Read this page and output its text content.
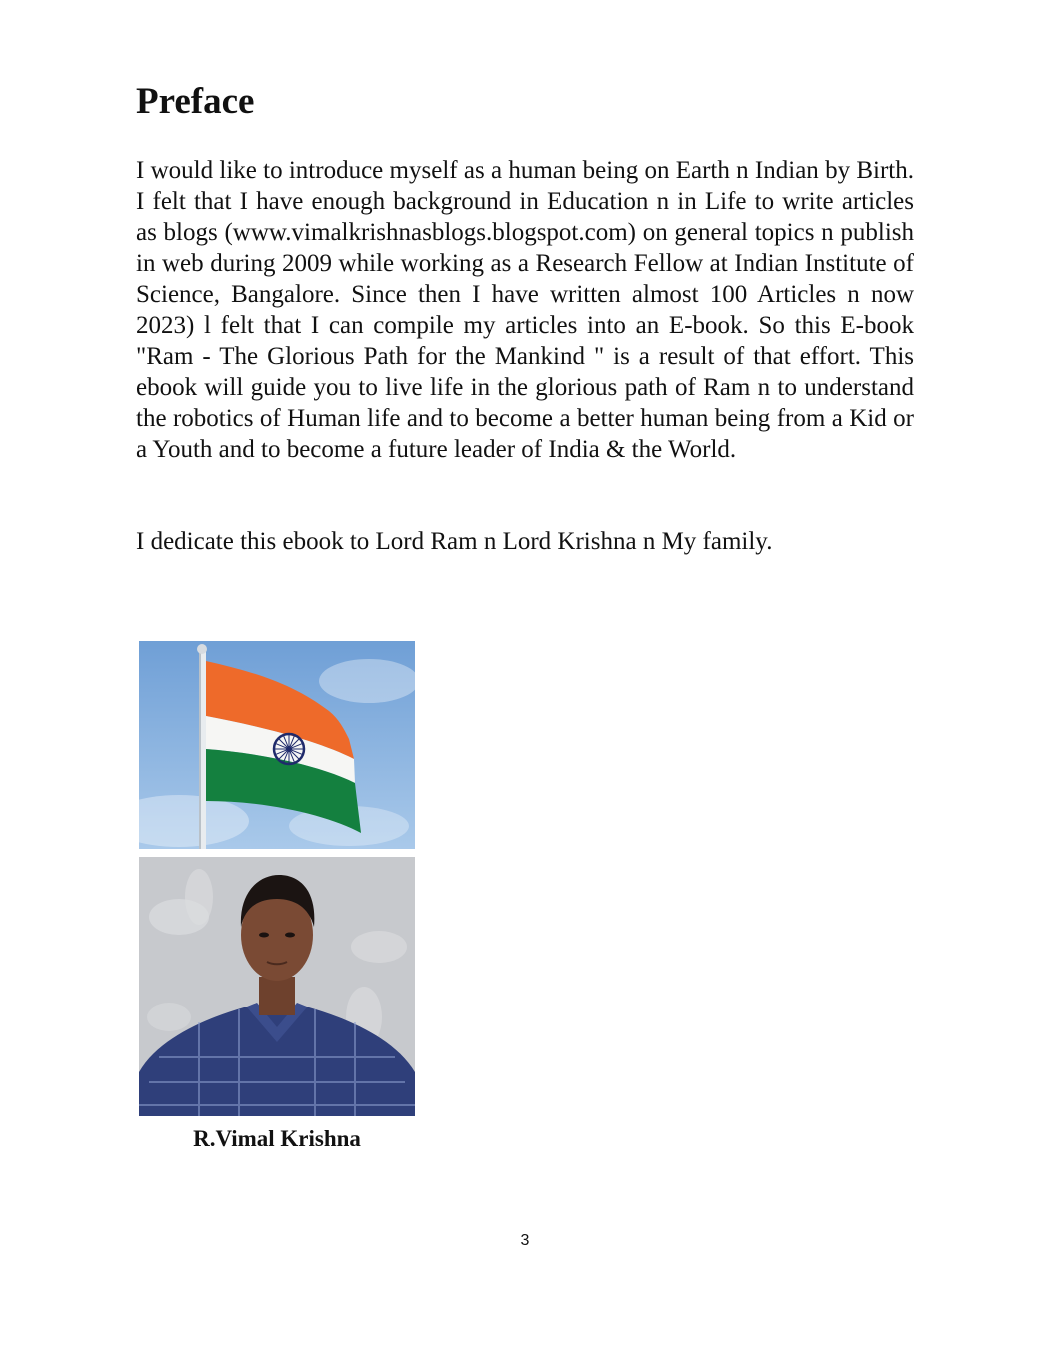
Preface

I would like to introduce myself as a human being on Earth n Indian by Birth. I felt that I have enough background in Education n in Life to write articles as blogs (www.vimalkrishnasblogs.blogspot.com) on general topics n publish in web during 2009 while working as a Research Fellow at Indian Institute of Science, Bangalore. Since then I have written almost 100 Articles n now 2023) l felt that I can compile my articles into an E-book. So this E-book "Ram - The Glorious Path for the Mankind " is a result of that effort. This ebook will guide you to live life in the glorious path of Ram n to understand the robotics of Human life and to become a better human being from a Kid or a Youth and to become a future leader of India & the World.

I dedicate this ebook to Lord Ram n Lord Krishna n My family.

R.Vimal Krishna

3
